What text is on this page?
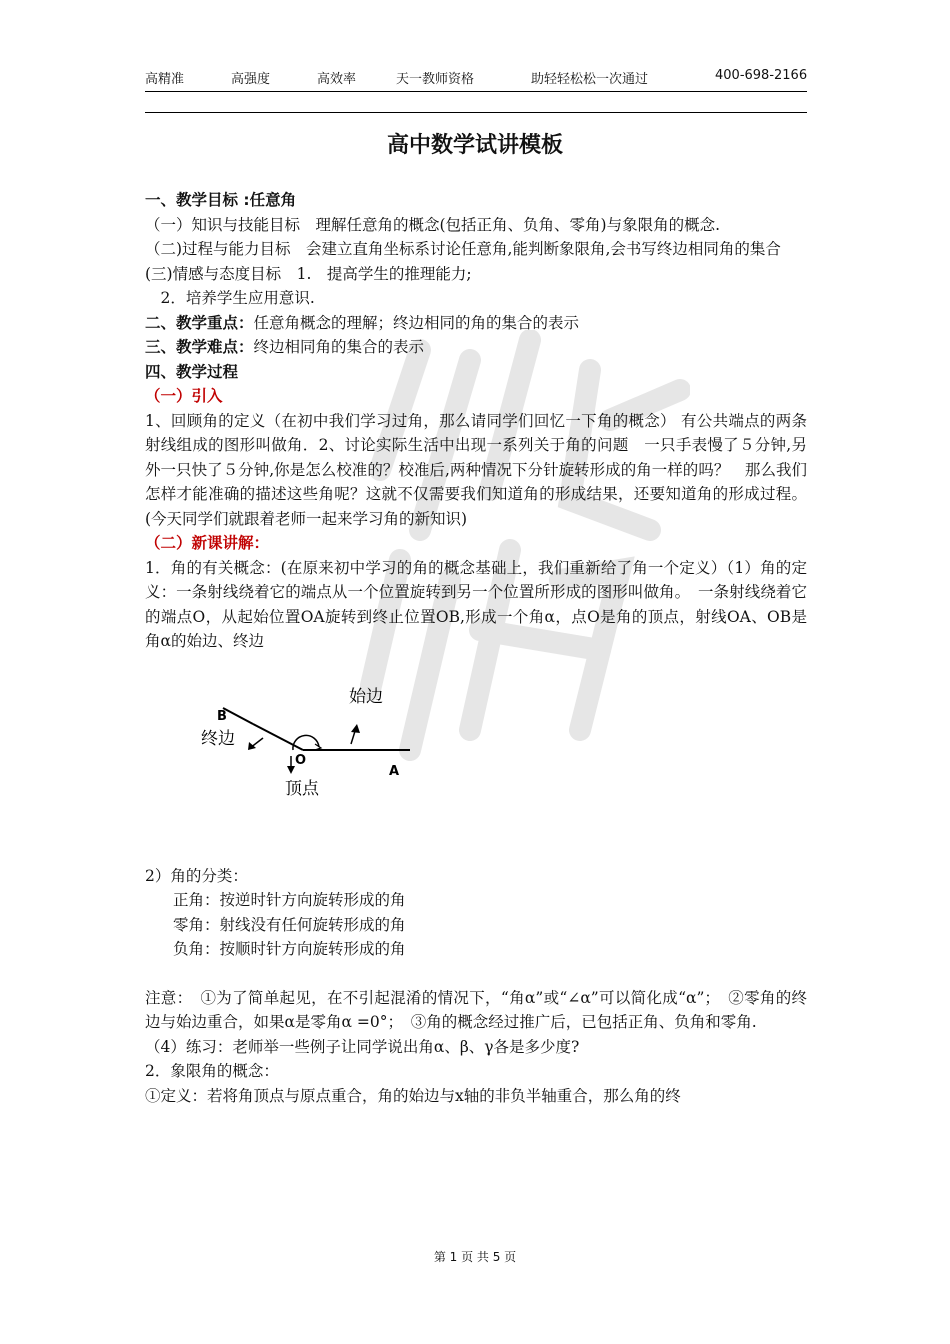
高精准	高强度	高效率	天一教师资格	助轻轻松松一次通过	400-698-2166
高中数学试讲模板

一、教学目标 :任意角

（一）知识与技能目标　理解任意角的概念(包括正角、负角、零角)与象限角的概念.

（二)过程与能力目标　会建立直角坐标系讨论任意角,能判断象限角,会书写终边相同角的集合

(三)情感与态度目标　1.　提高学生的推理能力;

　2．培养学生应用意识.

二、教学重点：任意角概念的理解；终边相同的角的集合的表示

三、教学难点：终边相同角的集合的表示

四、教学过程

（一）引入

1、回顾角的定义（在初中我们学习过角，那么请同学们回忆一下角的概念） 有公共端点的两条射线组成的图形叫做角．2、讨论实际生活中出现一系列关于角的问题　一只手表慢了５分钟,另外一只快了５分钟,你是怎么校准的？校准后,两种情况下分针旋转形成的角一样的吗？　那么我们怎样才能准确的描述这些角呢？这就不仅需要我们知道角的形成结果，还要知道角的形成过程。(今天同学们就跟着老师一起来学习角的新知识)

（二）新课讲解：

1．角的有关概念：(在原来初中学习的角的概念基础上，我们重新给了角一个定义）（1）角的定义：一条射线绕着它的端点从一个位置旋转到另一个位置所形成的图形叫做角。　一条射线绕着它的端点O，从起始位置OA旋转到终止位置OB,形成一个角α，点O是角的顶点，射线OA、OB是角α的始边、终边

B
O
A
始边
终边
顶点

2）角的分类：

正角：按逆时针方向旋转形成的角

零角：射线没有任何旋转形成的角

负角：按顺时针方向旋转形成的角

注意：　①为了简单起见，在不引起混淆的情况下，“角α”或“∠α”可以简化成“α”；　②零角的终边与始边重合，如果α是零角α =0°；　③角的概念经过推广后，已包括正角、负角和零角.

（4）练习：老师举一些例子让同学说出角α、β、γ各是多少度?

2．象限角的概念：

①定义：若将角顶点与原点重合，角的始边与x轴的非负半轴重合，那么角的终

第 1 页 共 5 页
